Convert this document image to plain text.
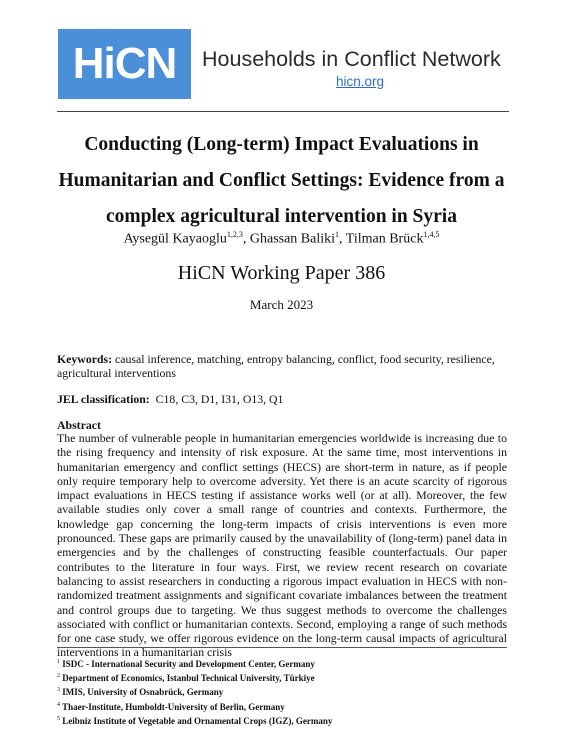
HiCN	Households in Conflict Network
hicn.org
Conducting (Long-term) Impact Evaluations in
Humanitarian and Conflict Settings: Evidence from a
complex agricultural intervention in Syria
Aysegül Kayaoglu$^{1,2,3}$, Ghassan Baliki$^1$, Tilman Brück$^{1,4,5}$
HiCN Working Paper 386
March 2023
Keywords: causal inference, matching, entropy balancing, conflict, food security, resilience, agricultural interventions
JEL classification: C18, C3, D1, I31, O13, Q1
Abstract

The number of vulnerable people in humanitarian emergencies worldwide is increasing due to the rising frequency and intensity of risk exposure. At the same time, most interventions in humanitarian emergency and conflict settings (HECS) are short-term in nature, as if people only require temporary help to overcome adversity. Yet there is an acute scarcity of rigorous impact evaluations in HECS testing if assistance works well (or at all). Moreover, the few available studies only cover a small range of countries and contexts. Furthermore, the knowledge gap concerning the long-term impacts of crisis interventions is even more pronounced. These gaps are primarily caused by the unavailability of (long-term) panel data in emergencies and by the challenges of constructing feasible counterfactuals. Our paper contributes to the literature in four ways. First, we review recent research on covariate balancing to assist researchers in conducting a rigorous impact evaluation in HECS with non-randomized treatment assignments and significant covariate imbalances between the treatment and control groups due to targeting. We thus suggest methods to overcome the challenges associated with conflict or humanitarian contexts. Second, employing a range of such methods for one case study, we offer rigorous evidence on the long-term causal impacts of agricultural interventions in a humanitarian crisis

$^1$ ISDC - International Security and Development Center, Germany
$^2$ Department of Economics, Istanbul Technical University, Türkiye
$^3$ IMIS, University of Osnabrück, Germany
$^4$ Thaer-Institute, Humboldt-University of Berlin, Germany
$^5$ Leibniz Institute of Vegetable and Ornamental Crops (IGZ), Germany
